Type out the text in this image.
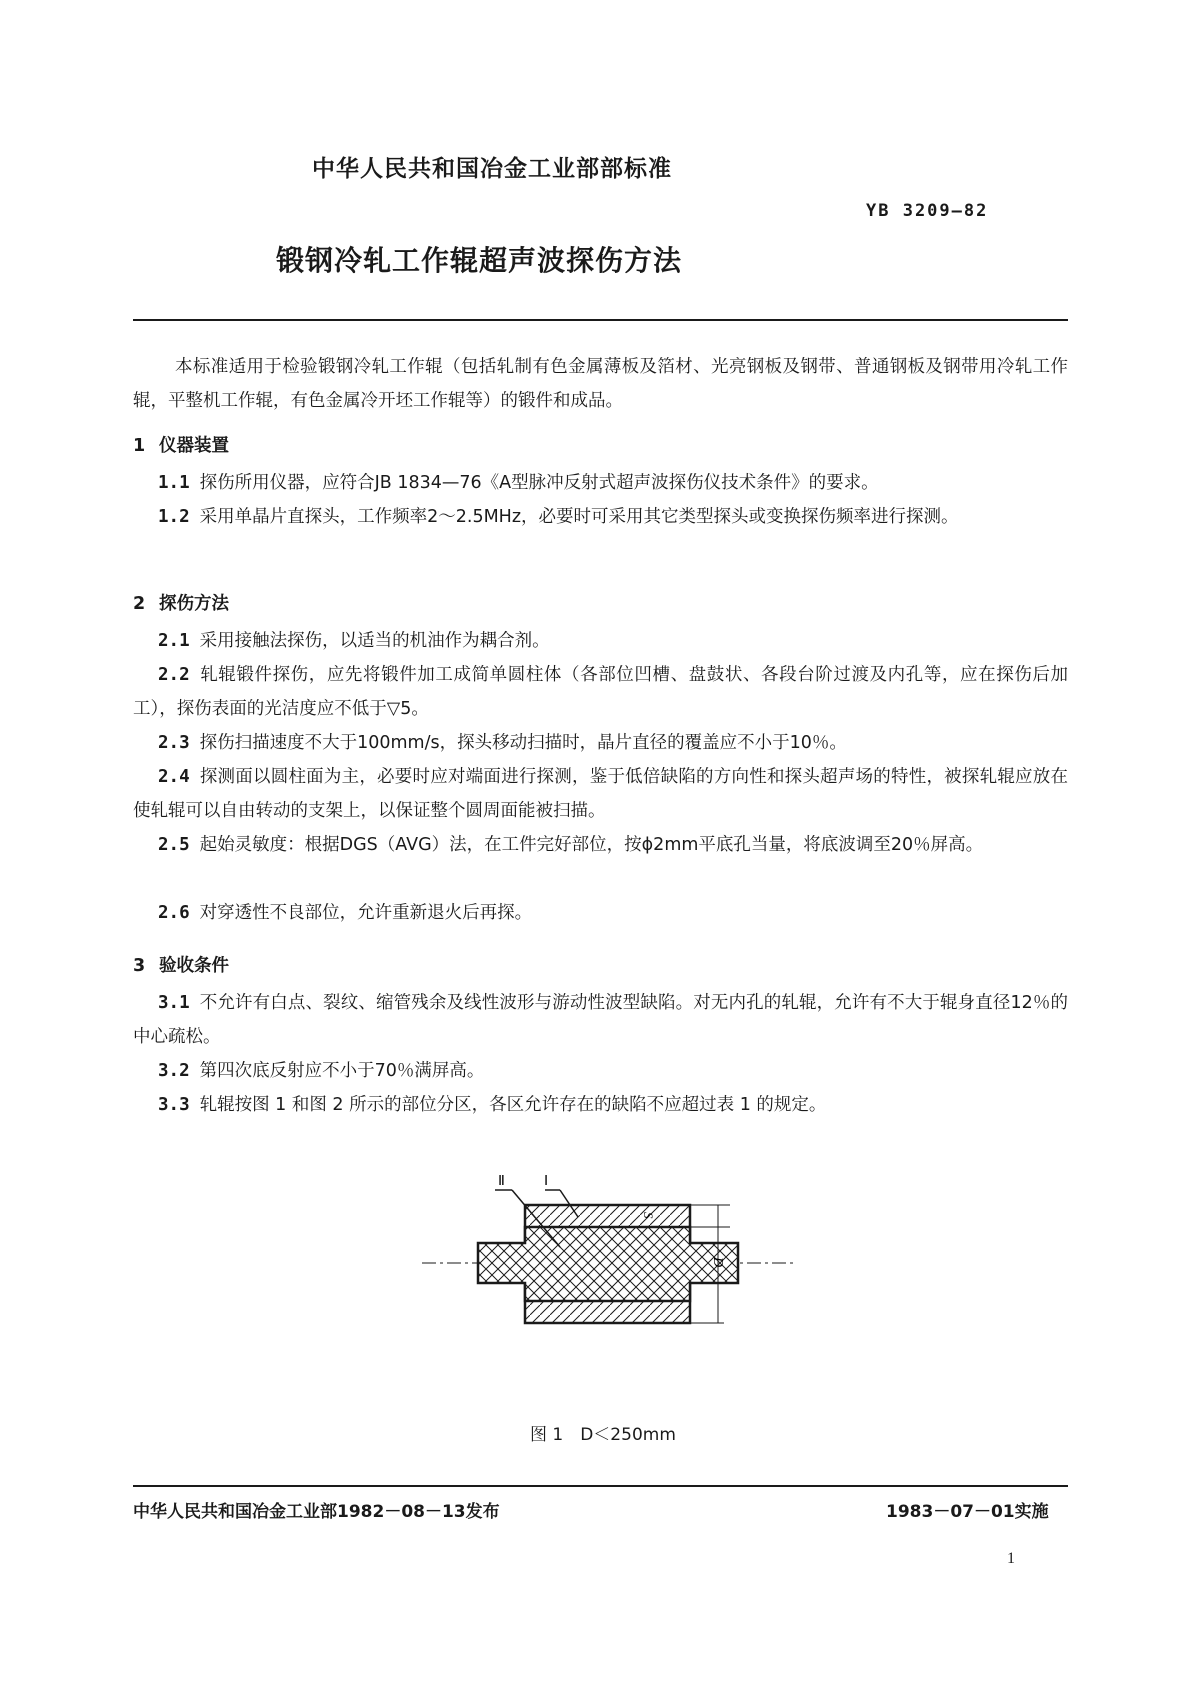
中华人民共和国冶金工业部部标准
YB 3209—82
锻钢冷轧工作辊超声波探伤方法
本标准适用于检验锻钢冷轧工作辊（包括轧制有色金属薄板及箔材、光亮钢板及钢带、普通钢板及钢带用冷轧工作辊，平整机工作辊，有色金属冷开坯工作辊等）的锻件和成品。
1 仪器装置
1.1 探伤所用仪器，应符合JB 1834—76《A型脉冲反射式超声波探伤仪技术条件》的要求。
1.2 采用单晶片直探头，工作频率2～2.5MHz，必要时可采用其它类型探头或变换探伤频率进行探测。
2 探伤方法
2.1 采用接触法探伤，以适当的机油作为耦合剂。
2.2 轧辊锻件探伤，应先将锻件加工成简单圆柱体（各部位凹槽、盘鼓状、各段台阶过渡及内孔等，应在探伤后加工），探伤表面的光洁度应不低于▽5。
2.3 探伤扫描速度不大于100mm/s，探头移动扫描时，晶片直径的覆盖应不小于10％。
2.4 探测面以圆柱面为主，必要时应对端面进行探测，鉴于低倍缺陷的方向性和探头超声场的特性，被探轧辊应放在使轧辊可以自由转动的支架上，以保证整个圆周面能被扫描。
2.5 起始灵敏度：根据DGS（AVG）法，在工件完好部位，按ϕ2mm平底孔当量，将底波调至20％屏高。
2.6 对穿透性不良部位，允许重新退火后再探。
3 验收条件
3.1 不允许有白点、裂纹、缩管残余及线性波形与游动性波型缺陷。对无内孔的轧辊，允许有不大于辊身直径12％的中心疏松。
3.2 第四次底反射应不小于70％满屏高。
3.3 轧辊按图 1 和图 2 所示的部位分区，各区允许存在的缺陷不应超过表 1 的规定。
Ⅱ	Ⅰ
S
D
图 1　D＜250mm
中华人民共和国冶金工业部1982－08－13发布	1983－07－01实施
1
